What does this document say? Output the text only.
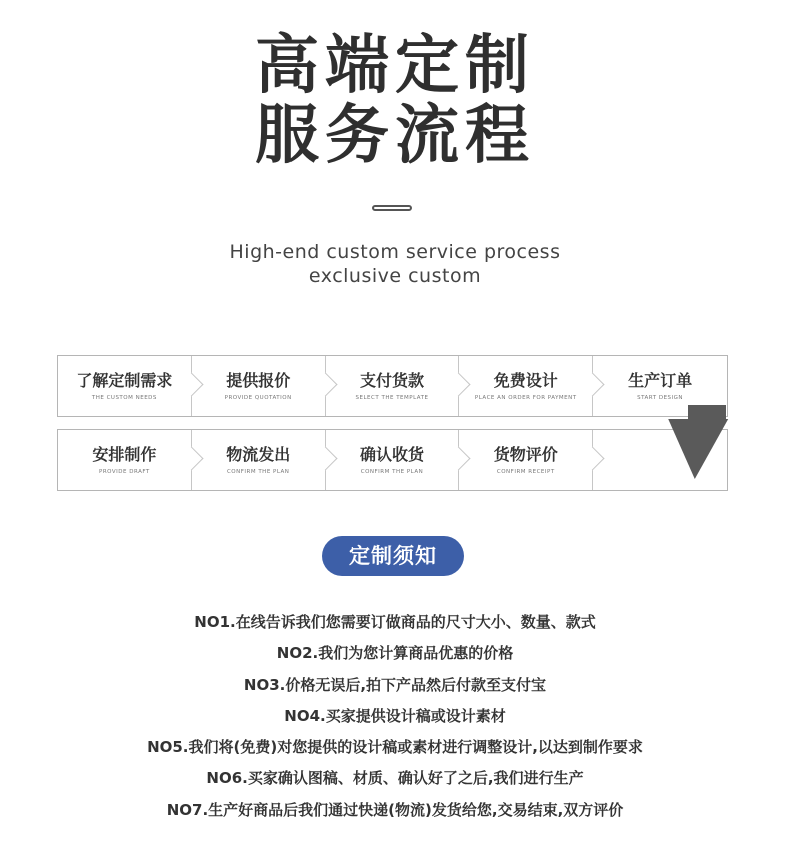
高端定制
服务流程
High-end custom service process
exclusive custom
了解定制需求
THE CUSTOM NEEDS
提供报价
PROVIDE QUOTATION
支付货款
SELECT THE TEMPLATE
免费设计
PLACE AN ORDER FOR PAYMENT
生产订单
START DESIGN
安排制作
PROVIDE DRAFT
物流发出
CONFIRM THE PLAN
确认收货
CONFIRM THE PLAN
货物评价
CONFIRM RECEIPT
定制须知
NO1.在线告诉我们您需要订做商品的尺寸大小、数量、款式
NO2.我们为您计算商品优惠的价格
NO3.价格无误后,拍下产品然后付款至支付宝
NO4.买家提供设计稿或设计素材
NO5.我们将(免费)对您提供的设计稿或素材进行调整设计,以达到制作要求
NO6.买家确认图稿、材质、确认好了之后,我们进行生产
NO7.生产好商品后我们通过快递(物流)发货给您,交易结束,双方评价
